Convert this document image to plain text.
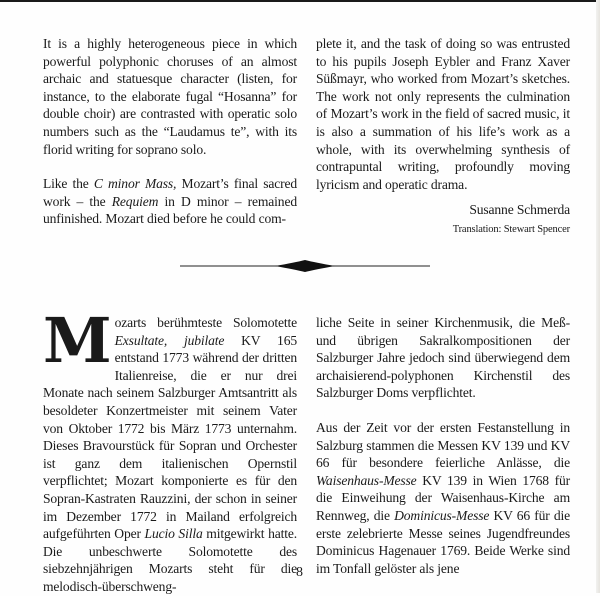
It is a highly heterogeneous piece in which powerful polyphonic choruses of an almost archaic and statuesque character (listen, for instance, to the elaborate fugal “Hosanna” for double choir) are contrasted with operatic solo numbers such as the “Laudamus te”, with its florid writing for soprano solo.

Like the C minor Mass, Mozart’s final sacred work – the Requiem in D minor – remained unfinished. Mozart died before he could com-

plete it, and the task of doing so was entrusted to his pupils Joseph Eybler and Franz Xaver Süßmayr, who worked from Mozart’s sketches. The work not only represents the culmination of Mozart’s work in the field of sacred music, it is also a summation of his life’s work as a whole, with its overwhelming synthesis of contrapuntal writing, profoundly moving lyricism and operatic drama.

Susanne Schmerda
Translation: Stewart Spencer

Mozarts berühmteste Solomotette Exsultate, jubilate KV 165 entstand 1773 während der dritten Italienreise, die er nur drei Monate nach seinem Salzburger Amtsantritt als besoldeter Konzertmeister mit seinem Vater von Oktober 1772 bis März 1773 unternahm. Dieses Bravourstück für Sopran und Orchester ist ganz dem italienischen Opernstil verpflichtet; Mozart komponierte es für den Sopran-Kastraten Rauzzini, der schon in seiner im Dezember 1772 in Mailand erfolgreich aufgeführten Oper Lucio Silla mitgewirkt hatte. Die unbeschwerte Solomotette des siebzehnjährigen Mozarts steht für die melodisch-überschweng-

liche Seite in seiner Kirchenmusik, die Meß- und übrigen Sakralkompositionen der Salzburger Jahre jedoch sind überwiegend dem archaisierend-polyphonen Kirchenstil des Salzburger Doms verpflichtet.

Aus der Zeit vor der ersten Festanstellung in Salzburg stammen die Messen KV 139 und KV 66 für besondere feierliche Anlässe, die Waisenhaus-Messe KV 139 in Wien 1768 für die Einweihung der Waisenhaus-Kirche am Rennweg, die Dominicus-Messe KV 66 für die erste zelebrierte Messe seines Jugendfreundes Dominicus Hagenauer 1769. Beide Werke sind im Tonfall gelöster als jene

8
